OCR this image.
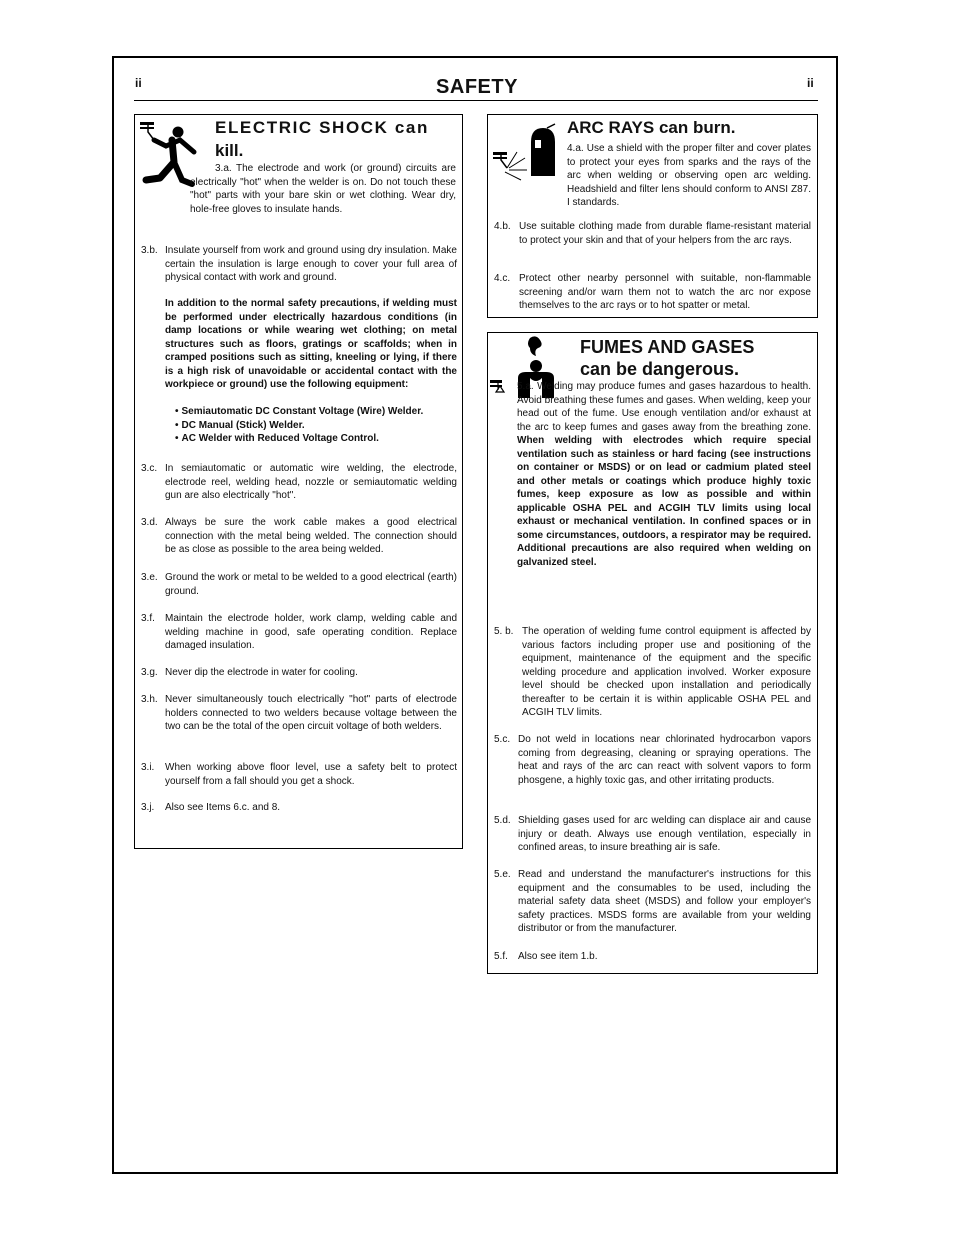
ii	SAFETY	ii
ELECTRIC SHOCK can
kill.
3.a. The electrode and work (or ground) circuits are electrically "hot" when the welder is on. Do not touch these "hot" parts with your bare skin or wet clothing. Wear dry, hole-free gloves to insulate hands.
3.b. Insulate yourself from work and ground using dry insulation. Make certain the insulation is large enough to cover your full area of physical contact with work and ground.
In addition to the normal safety precautions, if welding must be performed under electrically hazardous conditions (in damp locations or while wearing wet clothing; on metal structures such as floors, gratings or scaffolds; when in cramped positions such as sitting, kneeling or lying, if there is a high risk of unavoidable or accidental contact with the workpiece or ground) use the following equipment:
• Semiautomatic DC Constant Voltage (Wire) Welder.
• DC Manual (Stick) Welder.
• AC Welder with Reduced Voltage Control.
3.c. In semiautomatic or automatic wire welding, the electrode, electrode reel, welding head, nozzle or semiautomatic welding gun are also electrically "hot".
3.d. Always be sure the work cable makes a good electrical connection with the metal being welded. The connection should be as close as possible to the area being welded.
3.e. Ground the work or metal to be welded to a good electrical (earth) ground.
3.f. Maintain the electrode holder, work clamp, welding cable and welding machine in good, safe operating condition. Replace damaged insulation.
3.g. Never dip the electrode in water for cooling.
3.h. Never simultaneously touch electrically "hot" parts of electrode holders connected to two welders because voltage between the two can be the total of the open circuit voltage of both welders.
3.i. When working above floor level, use a safety belt to protect yourself from a fall should you get a shock.
3.j. Also see Items 6.c. and 8.
ARC RAYS can burn.
4.a. Use a shield with the proper filter and cover plates to protect your eyes from sparks and the rays of the arc when welding or observing open arc welding. Headshield and filter lens should conform to ANSI Z87. I standards.
4.b. Use suitable clothing made from durable flame-resistant material to protect your skin and that of your helpers from the arc rays.
4.c. Protect other nearby personnel with suitable, non-flammable screening and/or warn them not to watch the arc nor expose themselves to the arc rays or to hot spatter or metal.
FUMES AND GASES
can be dangerous.
5.a. Welding may produce fumes and gases hazardous to health. Avoid breathing these fumes and gases. When welding, keep your head out of the fume. Use enough ventilation and/or exhaust at the arc to keep fumes and gases away from the breathing zone. When welding with electrodes which require special ventilation such as stainless or hard facing (see instructions on container or MSDS) or on lead or cadmium plated steel and other metals or coatings which produce highly toxic fumes, keep exposure as low as possible and within applicable OSHA PEL and ACGIH TLV limits using local exhaust or mechanical ventilation. In confined spaces or in some circumstances, outdoors, a respirator may be required. Additional precautions are also required when welding on galvanized steel.
5. b. The operation of welding fume control equipment is affected by various factors including proper use and positioning of the equipment, maintenance of the equipment and the specific welding procedure and application involved. Worker exposure level should be checked upon installation and periodically thereafter to be certain it is within applicable OSHA PEL and ACGIH TLV limits.
5.c. Do not weld in locations near chlorinated hydrocarbon vapors coming from degreasing, cleaning or spraying operations. The heat and rays of the arc can react with solvent vapors to form phosgene, a highly toxic gas, and other irritating products.
5.d. Shielding gases used for arc welding can displace air and cause injury or death. Always use enough ventilation, especially in confined areas, to insure breathing air is safe.
5.e. Read and understand the manufacturer's instructions for this equipment and the consumables to be used, including the material safety data sheet (MSDS) and follow your employer's safety practices. MSDS forms are available from your welding distributor or from the manufacturer.
5.f. Also see item 1.b.
